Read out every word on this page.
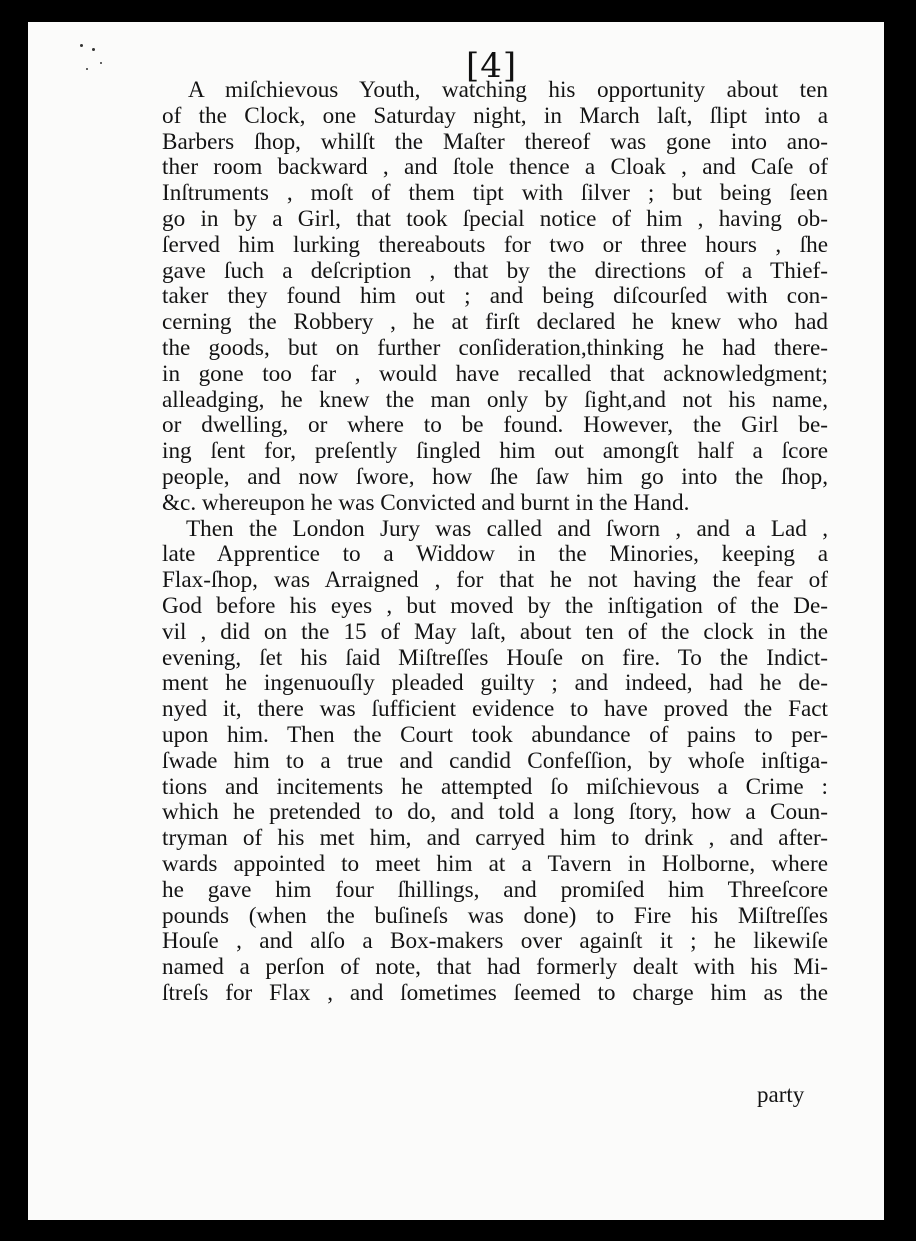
[4]
A miſchievous Youth, watching his opportunity about ten
of the Clock, one Saturday night, in March laſt, ſlipt into a
Barbers ſhop, whilſt the Maſter thereof was gone into ano-
ther room backward , and ſtole thence a Cloak , and Caſe of
Inſtruments , moſt of them tipt with ſilver ; but being ſeen
go in by a Girl, that took ſpecial notice of him , having ob-
ſerved him lurking thereabouts for two or three hours , ſhe
gave ſuch a deſcription , that by the directions of a Thief-
taker they found him out ; and being diſcourſed with con-
cerning the Robbery , he at firſt declared he knew who had
the goods, but on further conſideration,thinking he had there-
in gone too far , would have recalled that acknowledgment;
alleadging, he knew the man only by ſight,and not his name,
or dwelling, or where to be found. However, the Girl be-
ing ſent for, preſently ſingled him out amongſt half a ſcore
people, and now ſwore, how ſhe ſaw him go into the ſhop,
&c. whereupon he was Convicted and burnt in the Hand.
Then the London Jury was called and ſworn , and a Lad ,
late Apprentice to a Widdow in the Minories, keeping a
Flax-ſhop, was Arraigned , for that he not having the fear of
God before his eyes , but moved by the inſtigation of the De-
vil , did on the 15 of May laſt, about ten of the clock in the
evening, ſet his ſaid Miſtreſſes Houſe on fire. To the Indict-
ment he ingenuouſly pleaded guilty ; and indeed, had he de-
nyed it, there was ſufficient evidence to have proved the Fact
upon him. Then the Court took abundance of pains to per-
ſwade him to a true and candid Confeſſion, by whoſe inſtiga-
tions and incitements he attempted ſo miſchievous a Crime :
which he pretended to do, and told a long ſtory, how a Coun-
tryman of his met him, and carryed him to drink , and after-
wards appointed to meet him at a Tavern in Holborne, where
he gave him four ſhillings, and promiſed him Threeſcore
pounds (when the buſineſs was done) to Fire his Miſtreſſes
Houſe , and alſo a Box-makers over againſt it ; he likewiſe
named a perſon of note, that had formerly dealt with his Mi-
ſtreſs for Flax , and ſometimes ſeemed to charge him as the
party
